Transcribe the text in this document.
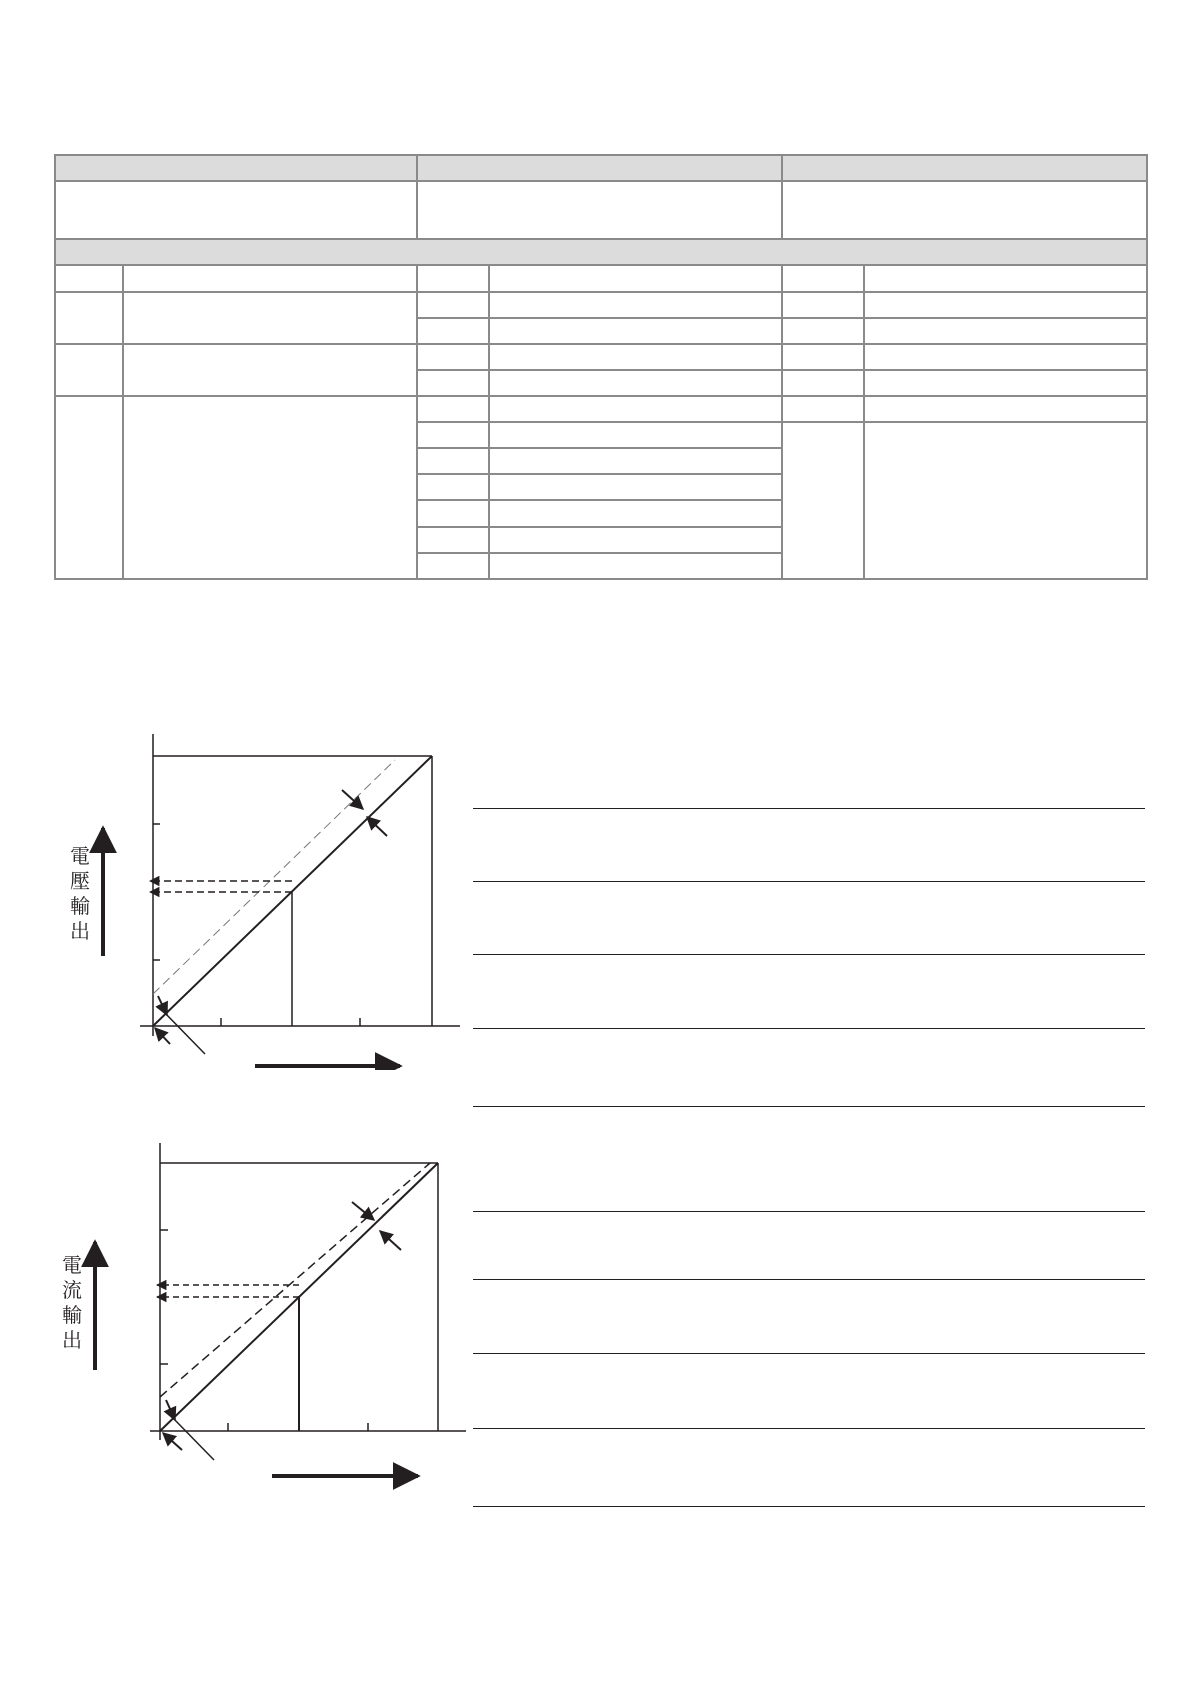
電
壓
輸
出
電
流
輸
出
